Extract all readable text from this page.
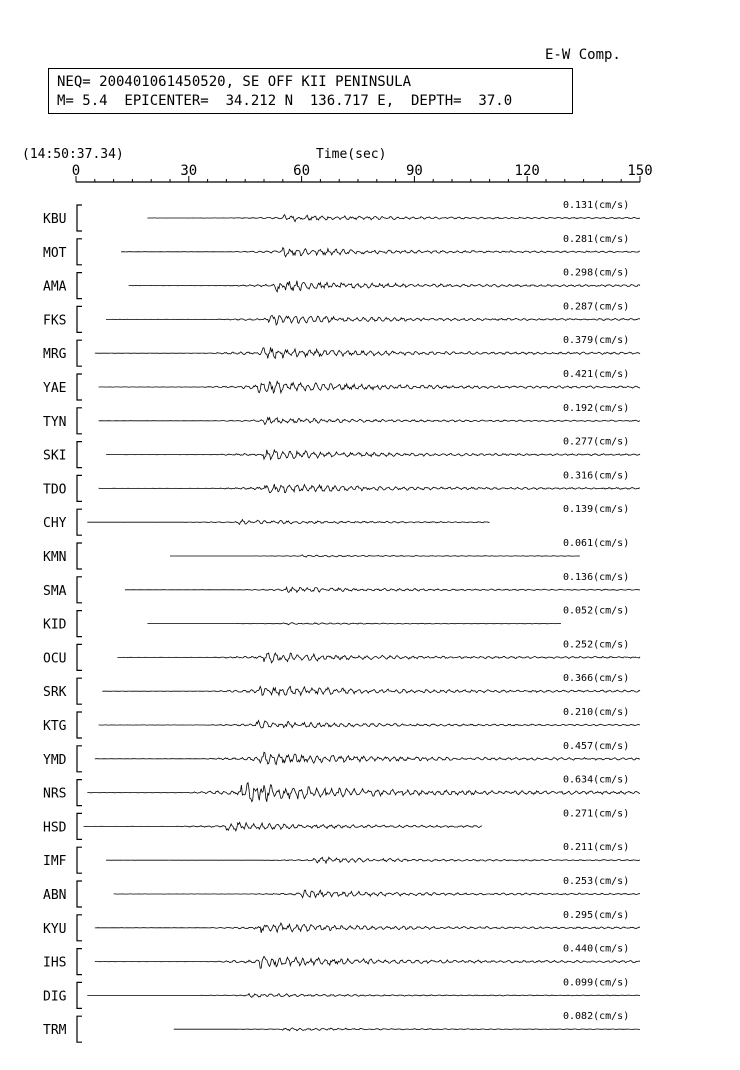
(14:50:37.34)	Time(sec)
0	30	60	90	120	150
KBU
0.131(cm/s)
MOT
0.281(cm/s)
AMA
0.298(cm/s)
FKS
0.287(cm/s)
MRG
0.379(cm/s)
YAE
0.421(cm/s)
TYN
0.192(cm/s)
SKI
0.277(cm/s)
TDO
0.316(cm/s)
CHY
0.139(cm/s)
KMN
0.061(cm/s)
SMA
0.136(cm/s)
KID
0.052(cm/s)
OCU
0.252(cm/s)
SRK
0.366(cm/s)
KTG
0.210(cm/s)
YMD
0.457(cm/s)
NRS
0.634(cm/s)
HSD
0.271(cm/s)
IMF
0.211(cm/s)
ABN
0.253(cm/s)
KYU
0.295(cm/s)
IHS
0.440(cm/s)
DIG
0.099(cm/s)
TRM
0.082(cm/s)
E-W Comp.
NEQ= 200401061450520, SE OFF KII PENINSULA
M= 5.4  EPICENTER=  34.212 N  136.717 E,  DEPTH=  37.0
